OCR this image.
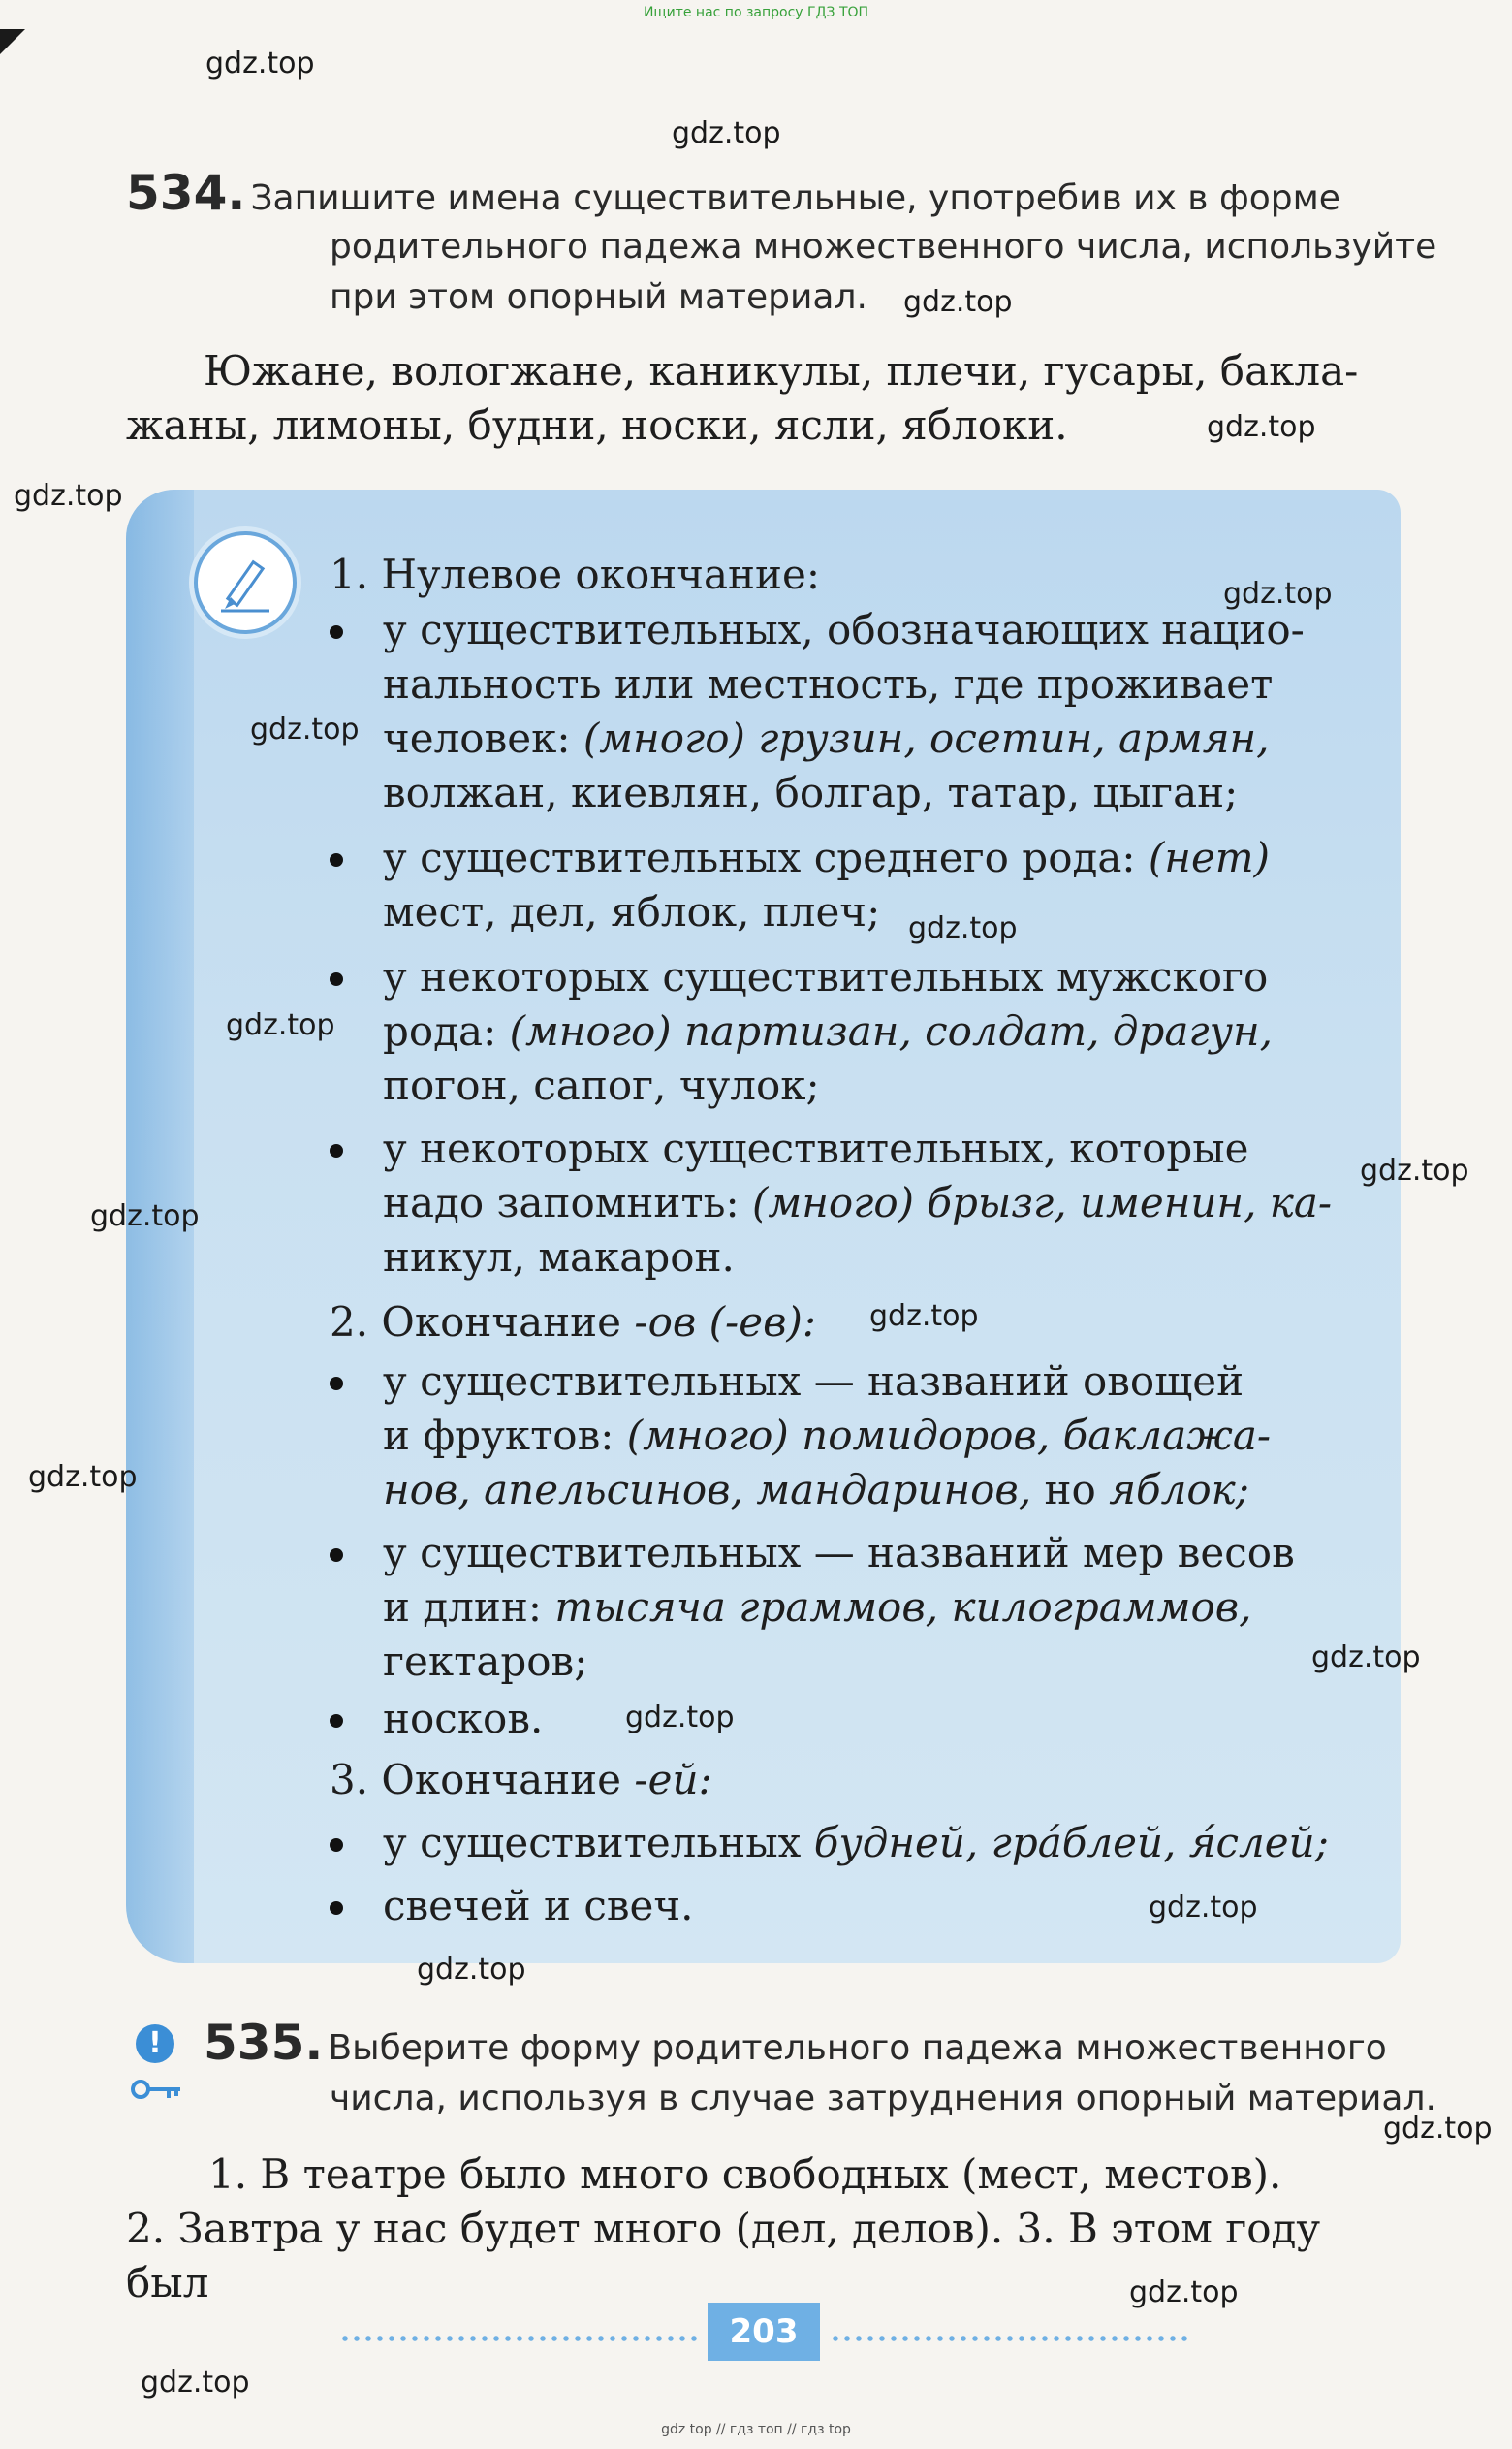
Ищите нас по запросу ГДЗ ТОП
534. Запишите имена существительные, употребив их в форме
родительного падежа множественного числа, используйте
при этом опорный материал.
Южане, вологжане, каникулы, плечи, гусары, бакла-
жаны, лимоны, будни, носки, ясли, яблоки.
1. Нулевое окончание:
у существительных, обозначающих нацио-
нальность или местность, где проживает
человек: (много) грузин, осетин, армян,
волжан, киевлян, болгар, татар, цыган;
у существительных среднего рода: (нет)
мест, дел, яблок, плеч;
у некоторых существительных мужского
рода: (много) партизан, солдат, драгун,
погон, сапог, чулок;
у некоторых существительных, которые
надо запомнить: (много) брызг, именин, ка-
никул, макарон.
2. Окончание -ов (-ев):
у существительных — названий овощей
и фруктов: (много) помидоров, баклажа-
нов, апельсинов, мандаринов, но яблок;
у существительных — названий мер весов
и длин: тысяча граммов, килограммов,
гектаров;
носков.
3. Окончание -ей:
у существительных будней, грáблей, я́слей;
свечей и свеч.
! 535. Выберите форму родительного падежа множественного
числа, используя в случае затруднения опорный материал.
1. В театре было много свободных (мест, местов).
2. Завтра у нас будет много (дел, делов). 3. В этом году был
203
gdz top // гдз топ // гдз top
gdz.top
gdz.top
gdz.top
gdz.top
gdz.top
gdz.top
gdz.top
gdz.top
gdz.top
gdz.top
gdz.top
gdz.top
gdz.top
gdz.top
gdz.top
gdz.top
gdz.top
gdz.top
gdz.top
gdz.top
